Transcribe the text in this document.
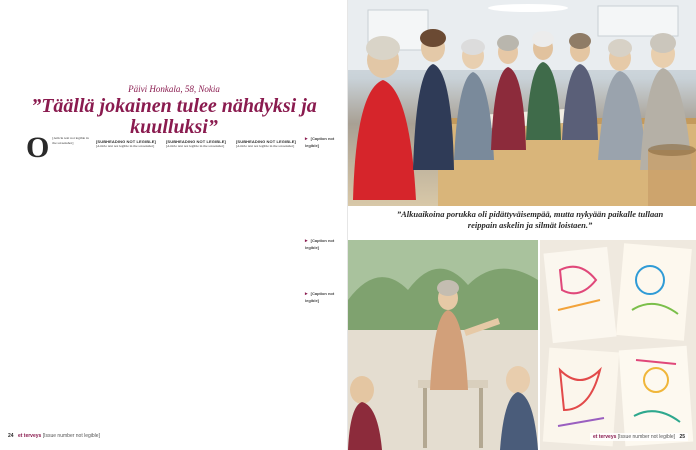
Päivi Honkala, 58, Nokia
”Täällä jokainen tulee nähdyksi ja kuulluksi”
O [Article text not legible in the screenshot]	[SUBHEADING NOT LEGIBLE]

[Article text not legible in the screenshot]

[SUBHEADING NOT LEGIBLE]

[Article text not legible in the screenshot]

[SUBHEADING NOT LEGIBLE]

[Article text not legible in the screenshot]

▸ [Caption not legible]
▸ [Caption not legible]
▸ [Caption not legible]
24 et terveys [Issue number not legible]
”Alkuaikoina porukka oli pidättyväisempää, mutta nykyään paikalle tullaan reippain askelin ja silmät loistaen.”
et terveys [Issue number not legible] 25
